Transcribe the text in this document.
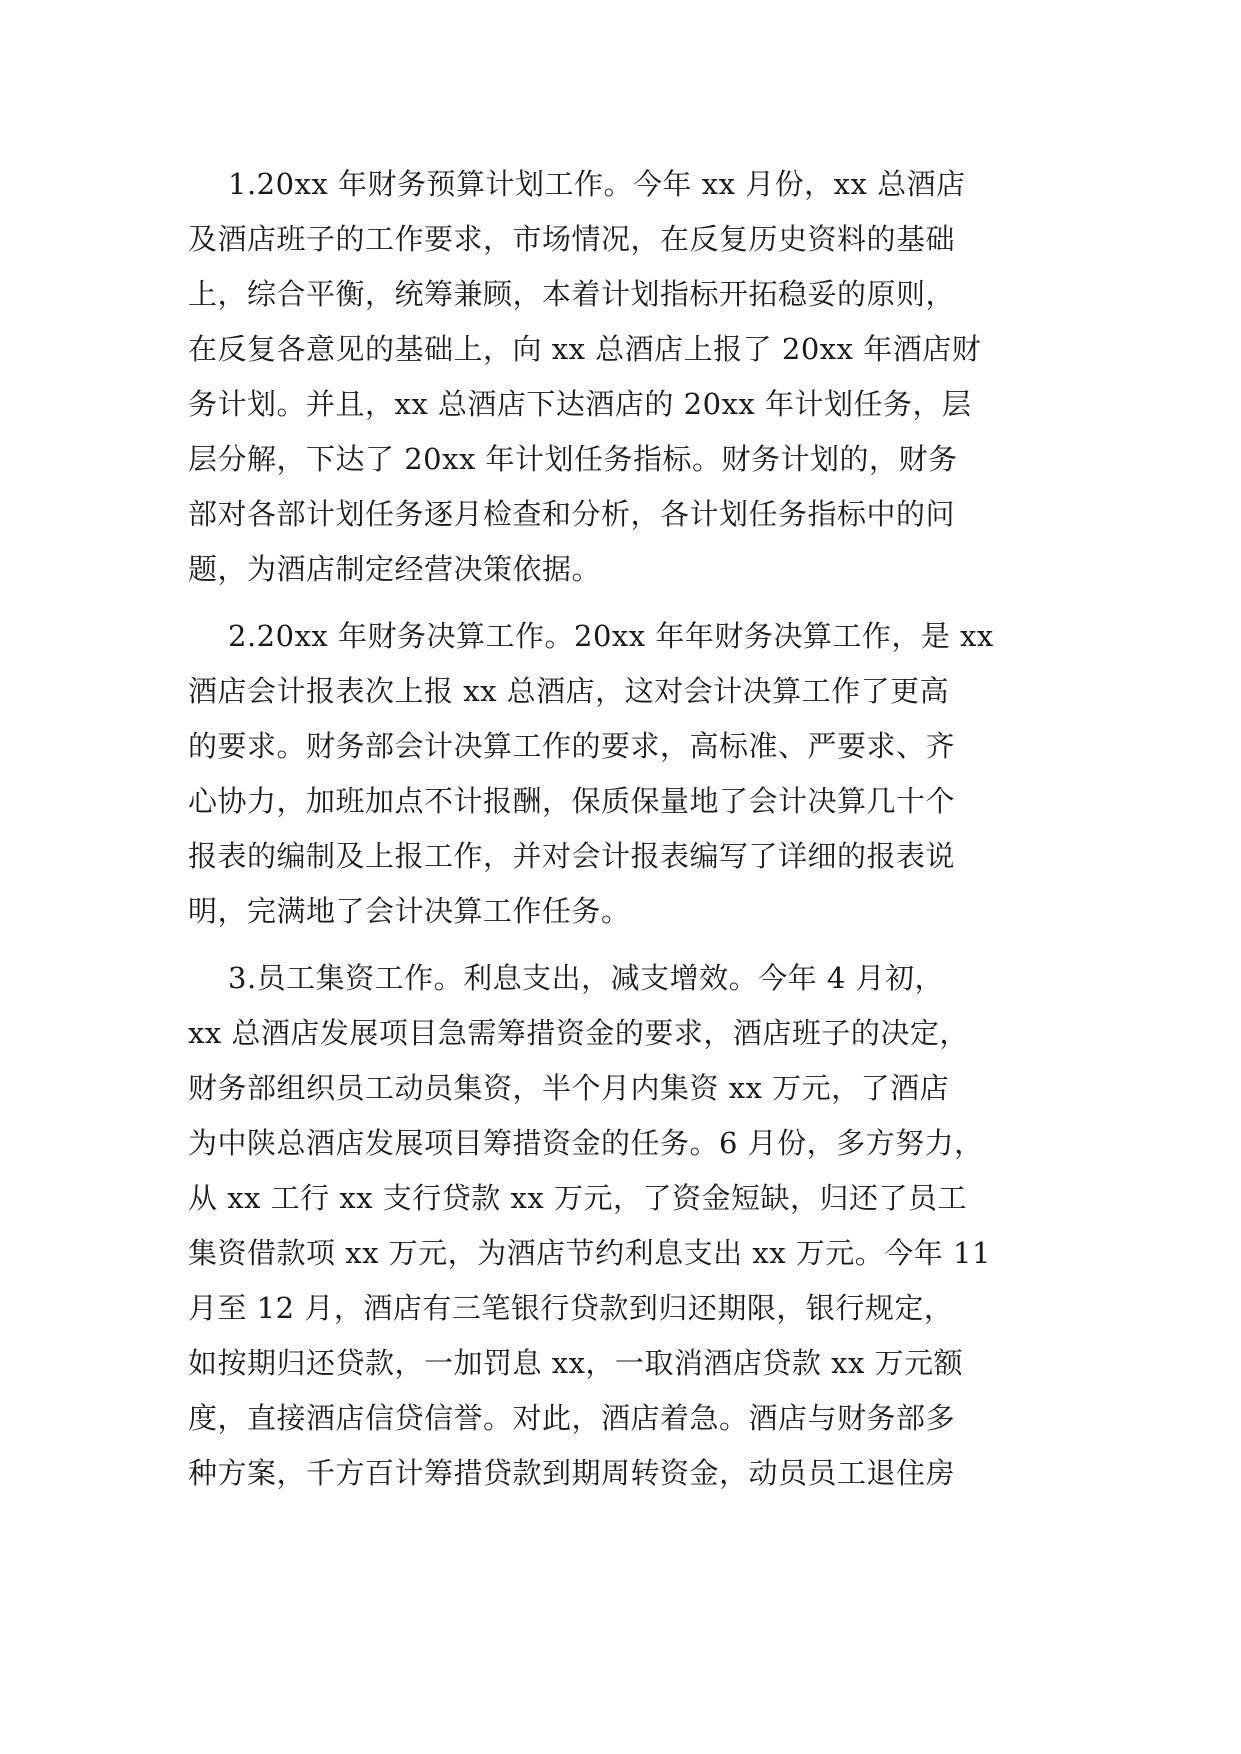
1.20xx 年财务预算计划工作。今年 xx 月份，xx 总酒店
及酒店班子的工作要求，市场情况，在反复历史资料的基础
上，综合平衡，统筹兼顾，本着计划指标开拓稳妥的原则，
在反复各意见的基础上，向 xx 总酒店上报了 20xx 年酒店财
务计划。并且，xx 总酒店下达酒店的 20xx 年计划任务，层
层分解，下达了 20xx 年计划任务指标。财务计划的，财务
部对各部计划任务逐月检查和分析，各计划任务指标中的问
题，为酒店制定经营决策依据。
2.20xx 年财务决算工作。20xx 年年财务决算工作，是 xx
酒店会计报表次上报 xx 总酒店，这对会计决算工作了更高
的要求。财务部会计决算工作的要求，高标准、严要求、齐
心协力，加班加点不计报酬，保质保量地了会计决算几十个
报表的编制及上报工作，并对会计报表编写了详细的报表说
明，完满地了会计决算工作任务。
3.员工集资工作。利息支出，减支增效。今年 4 月初，
xx 总酒店发展项目急需筹措资金的要求，酒店班子的决定，
财务部组织员工动员集资，半个月内集资 xx 万元，了酒店
为中陕总酒店发展项目筹措资金的任务。6 月份，多方努力，
从 xx 工行 xx 支行贷款 xx 万元，了资金短缺，归还了员工
集资借款项 xx 万元，为酒店节约利息支出 xx 万元。今年 11
月至 12 月，酒店有三笔银行贷款到归还期限，银行规定，
如按期归还贷款，一加罚息 xx，一取消酒店贷款 xx 万元额
度，直接酒店信贷信誉。对此，酒店着急。酒店与财务部多
种方案，千方百计筹措贷款到期周转资金，动员员工退住房
